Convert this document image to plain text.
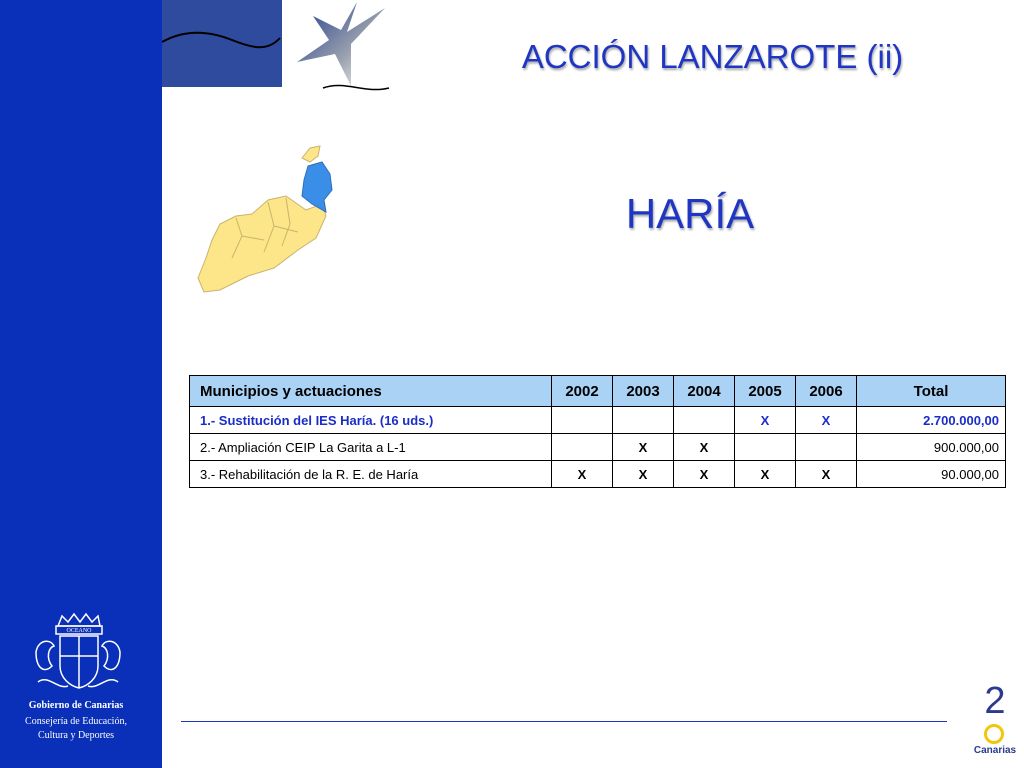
ACCIÓN LANZAROTE (ii)
HARÍA
Municipios y actuaciones	2002	2003	2004	2005	2006	Total
1.- Sustitución del IES Haría. (16 uds.)				X	X	2.700.000,00
2.- Ampliación CEIP La Garita a L-1		X	X			900.000,00
3.- Rehabilitación de la R. E. de Haría	X	X	X	X	X	90.000,00
OCEANO
Gobierno de Canarias
Consejería de Educación,
Cultura y Deportes
2
Canarias
